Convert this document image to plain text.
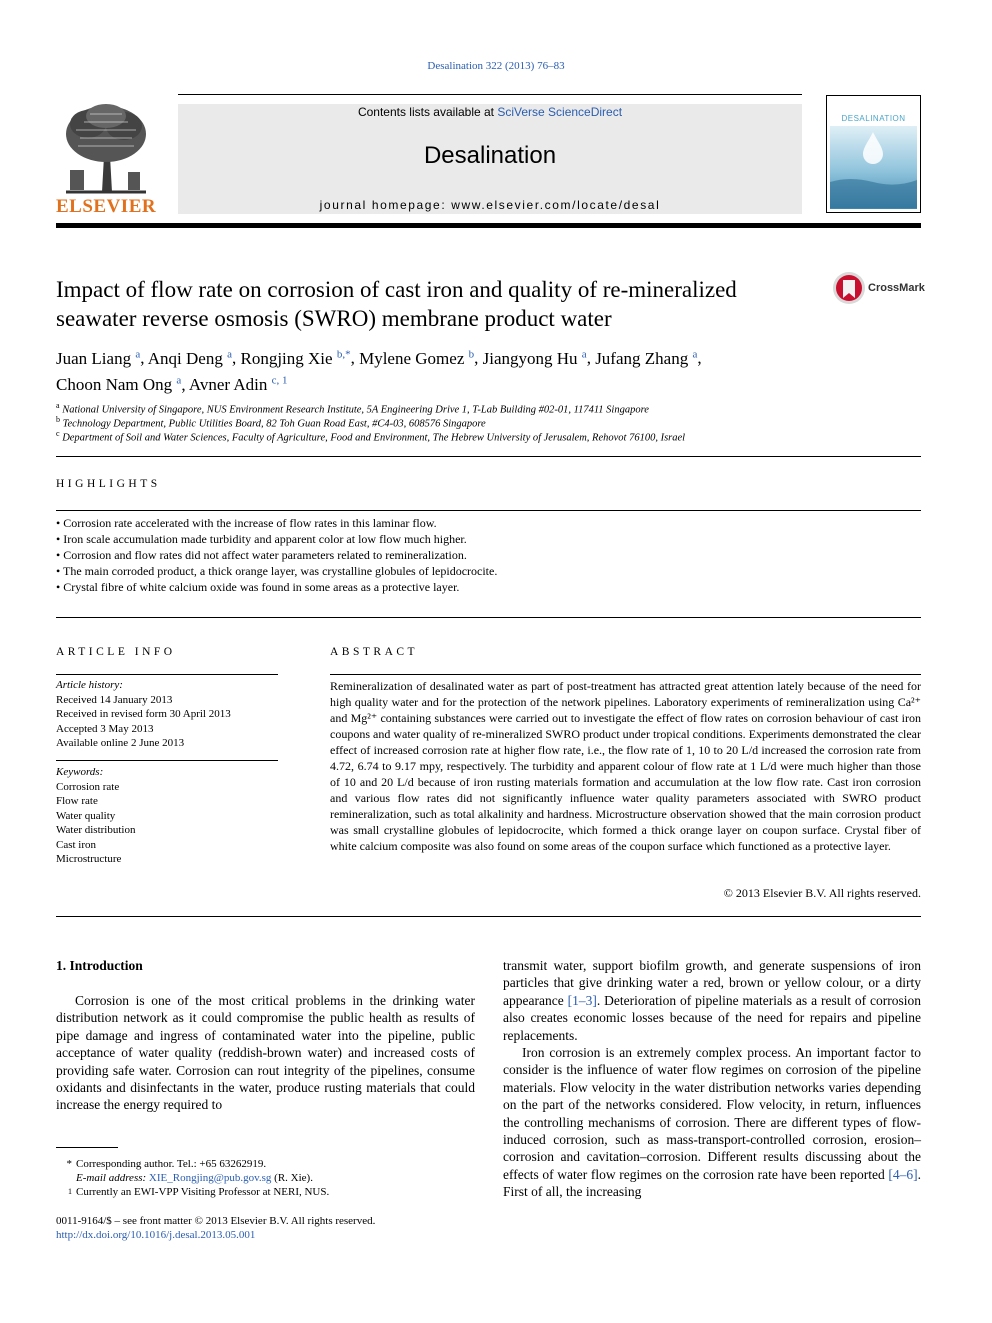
Desalination 322 (2013) 76–83
Contents lists available at SciVerse ScienceDirect
Desalination
journal homepage: www.elsevier.com/locate/desal
ELSEVIER
DESALINATION
Impact of flow rate on corrosion of cast iron and quality of re-mineralized seawater reverse osmosis (SWRO) membrane product water
CrossMark
Juan Liang $^a$, Anqi Deng $^a$, Rongjing Xie $^{b,*}$, Mylene Gomez $^b$, Jiangyong Hu $^a$, Jufang Zhang $^a$,
Choon Nam Ong $^a$, Avner Adin $^{c, 1}$
$^a$ National University of Singapore, NUS Environment Research Institute, 5A Engineering Drive 1, T-Lab Building #02-01, 117411 Singapore
$^b$ Technology Department, Public Utilities Board, 82 Toh Guan Road East, #C4-03, 608576 Singapore
$^c$ Department of Soil and Water Sciences, Faculty of Agriculture, Food and Environment, The Hebrew University of Jerusalem, Rehovot 76100, Israel
HIGHLIGHTS
• Corrosion rate accelerated with the increase of flow rates in this laminar flow.
• Iron scale accumulation made turbidity and apparent color at low flow much higher.
• Corrosion and flow rates did not affect water parameters related to remineralization.
• The main corroded product, a thick orange layer, was crystalline globules of lepidocrocite.
• Crystal fibre of white calcium oxide was found in some areas as a protective layer.
ARTICLE INFO
Article history:
Received 14 January 2013
Received in revised form 30 April 2013
Accepted 3 May 2013
Available online 2 June 2013
Keywords:
Corrosion rate
Flow rate
Water quality
Water distribution
Cast iron
Microstructure
ABSTRACT

Remineralization of desalinated water as part of post-treatment has attracted great attention lately because of the need for high quality water and for the protection of the network pipelines. Laboratory experiments of remineralization using Ca²⁺ and Mg²⁺ containing substances were carried out to investigate the effect of flow rates on corrosion behaviour of cast iron coupons and water quality of re-mineralized SWRO product under tropical conditions. Experiments demonstrated the clear effect of increased corrosion rate at higher flow rate, i.e., the flow rate of 1, 10 to 20 L/d increased the corrosion rate from 4.72, 6.74 to 9.17 mpy, respectively. The turbidity and apparent colour of flow rate at 1 L/d were much higher than those of 10 and 20 L/d because of iron rusting materials formation and accumulation at the low flow rate. Cast iron corrosion and various flow rates did not significantly influence water quality parameters associated with SWRO product remineralization, such as total alkalinity and hardness. Microstructure observation showed that the main corrosion product was small crystalline globules of lepidocrocite, which formed a thick orange layer on coupon surface. Crystal fiber of white calcium composite was also found on some areas of the coupon surface which functioned as a protective layer.

© 2013 Elsevier B.V. All rights reserved.
1. Introduction

Corrosion is one of the most critical problems in the drinking water distribution network as it could compromise the public health as results of pipe damage and ingress of contaminated water into the pipeline, public acceptance of water quality (reddish-brown water) and increased costs of providing safe water. Corrosion can rout integrity of the pipelines, consume oxidants and disinfectants in the water, produce rusting materials that could increase the energy required to

transmit water, support biofilm growth, and generate suspensions of iron particles that give drinking water a red, brown or yellow colour, or a dirty appearance [1–3]. Deterioration of pipeline materials as a result of corrosion also creates economic losses because of the need for repairs and pipeline replacements.

Iron corrosion is an extremely complex process. An important factor to consider is the influence of water flow regimes on corrosion of the pipeline materials. Flow velocity in the water distribution networks varies depending on the part of the networks considered. Flow velocity, in return, influences the controlling mechanisms of corrosion. There are different types of flow-induced corrosion, such as mass-transport-controlled corrosion, erosion–corrosion and cavitation–corrosion. Different results discussing about the effects of water flow regimes on the corrosion rate have been reported [4–6]. First of all, the increasing

* Corresponding author. Tel.: +65 63262919.
E-mail address: XIE_Rongjing@pub.gov.sg (R. Xie).
1 Currently an EWI-VPP Visiting Professor at NERI, NUS.
0011-9164/$ – see front matter © 2013 Elsevier B.V. All rights reserved.
http://dx.doi.org/10.1016/j.desal.2013.05.001
